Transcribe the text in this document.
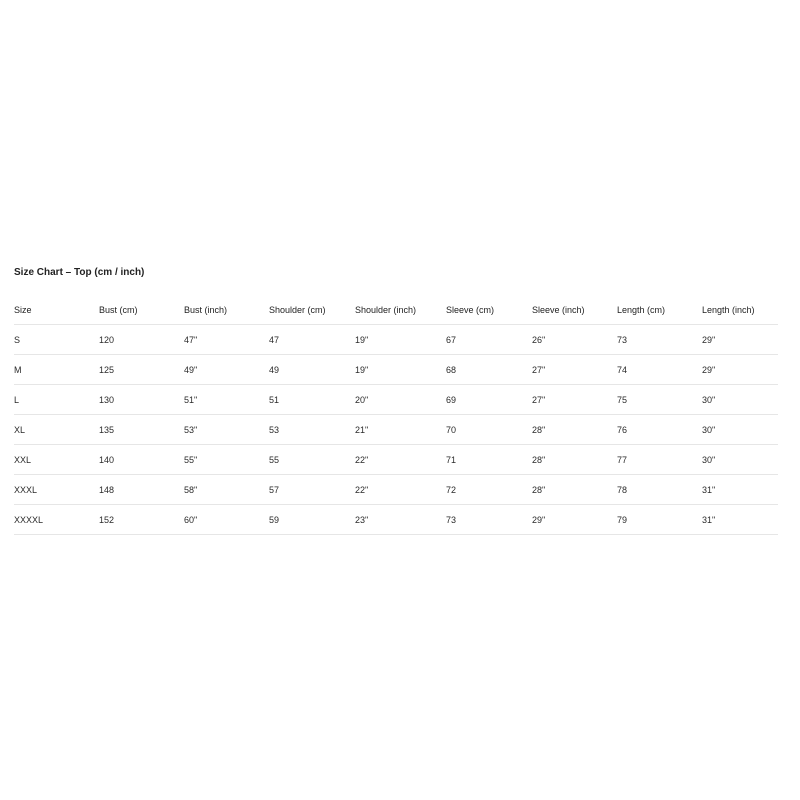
Size Chart – Top (cm / inch)
Size	Bust (cm)	Bust (inch)	Shoulder (cm)	Shoulder (inch)	Sleeve (cm)	Sleeve (inch)	Length (cm)	Length (inch)
S	120	47"	47	19"	67	26"	73	29"
M	125	49"	49	19"	68	27"	74	29"
L	130	51"	51	20"	69	27"	75	30"
XL	135	53"	53	21"	70	28"	76	30"
XXL	140	55"	55	22"	71	28"	77	30"
XXXL	148	58"	57	22"	72	28"	78	31"
XXXXL	152	60"	59	23"	73	29"	79	31"
